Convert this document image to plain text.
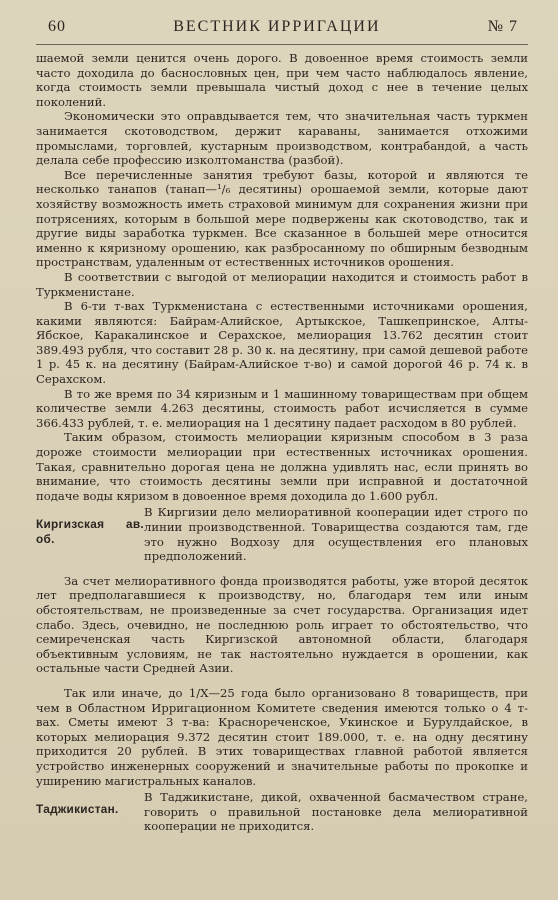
60	ВЕСТНИК ИРРИГАЦИИ	№ 7

шаемой земли ценится очень дорого. В довоенное время стоимость земли часто доходила до баснословных цен, при чем часто наблюдалось явление, когда стоимость земли превышала чистый доход с нее в течение целых поколений.

Экономически это оправдывается тем, что значительная часть туркмен занимается скотоводством, держит караваны, занимается отхожими промыслами, торговлей, кустарным производством, контрабандой, а часть делала себе профессию изколтоманства (разбой).

Все перечисленные занятия требуют базы, которой и являются те несколько танапов (танап—¹/₆ десятины) орошаемой земли, которые дают хозяйству возможность иметь страховой минимум для сохранения жизни при потрясениях, которым в большой мере подвержены как скотоводство, так и другие виды заработка туркмен. Все сказанное в большей мере относится именно к кяризному орошению, как разбросанному по обширным безводным пространствам, удаленным от естественных источников орошения.

В соответствии с выгодой от мелиорации находится и стоимость работ в Туркменистане.

В 6-ти т-вах Туркменистана с естественными источниками орошения, какими являются: Байрам-Алийское, Артыкское, Ташкепринское, Алты-Ябское, Каракалинское и Серахское, мелиорация 13.762 десятин стоит 389.493 рубля, что составит 28 р. 30 к. на десятину, при самой дешевой работе 1 р. 45 к. на десятину (Байрам-Алийское т-во) и самой дорогой 46 р. 74 к. в Серахском.

В то же время по 34 кяризным и 1 машинному товариществам при общем количестве земли 4.263 десятины, стоимость работ исчисляется в сумме 366.433 рублей, т. е. мелиорация на 1 десятину падает расходом в 80 рублей.

Таким образом, стоимость мелиорации кяризным способом в 3 раза дороже стоимости мелиорации при естественных источниках орошения. Такая, сравнительно дорогая цена не должна удивлять нас, если принять во внимание, что стоимость десятины земли при исправной и достаточной подаче воды кяризом в довоенное время доходила до 1.600 рубл.

Киргизская ав. об.

В Киргизии дело мелиоративной кооперации идет строго по линии производственной. Товарищества создаются там, где это нужно Водхозу для осуществления его плановых предположений.

За счет мелиоративного фонда производятся работы, уже второй десяток лет предполагавшиеся к производству, но, благодаря тем или иным обстоятельствам, не произведенные за счет государства. Организация идет слабо. Здесь, очевидно, не последнюю роль играет то обстоятельство, что семиреченская часть Киргизской автономной области, благодаря объективным условиям, не так настоятельно нуждается в орошении, как остальные части Средней Азии.

Так или иначе, до 1/X—25 года было организовано 8 товариществ, при чем в Областном Ирригационном Комитете сведения имеются только о 4 т-вах. Сметы имеют 3 т-ва: Краснореченское, Укинское и Бурулдайское, в которых мелиорация 9.372 десятин стоит 189.000, т. е. на одну десятину приходится 20 рублей. В этих товариществах главной работой является устройство инженерных сооружений и значительные работы по прокопке и уширению магистральных каналов.

Таджикистан.

В Таджикистане, дикой, охваченной басмачеством стране, говорить о правильной постановке дела мелиоративной кооперации не приходится.
